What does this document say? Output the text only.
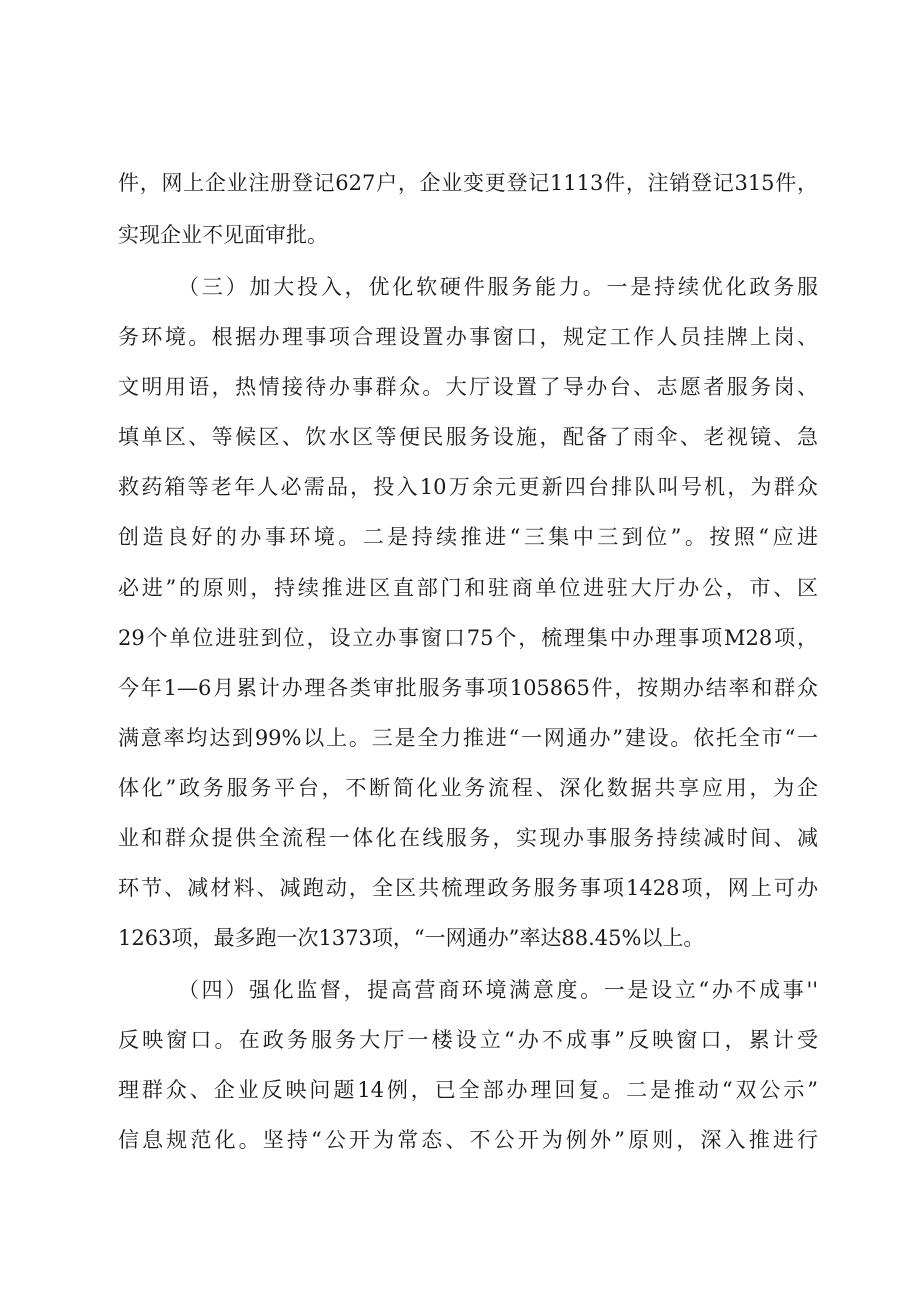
件，网上企业注册登记627户，企业变更登记1113件，注销登记315件，
实现企业不见面审批。
（三）加大投入，优化软硬件服务能力。一是持续优化政务服
务环境。根据办理事项合理设置办事窗口，规定工作人员挂牌上岗、
文明用语，热情接待办事群众。大厅设置了导办台、志愿者服务岗、
填单区、等候区、饮水区等便民服务设施，配备了雨伞、老视镜、急
救药箱等老年人必需品，投入10万余元更新四台排队叫号机，为群众
创造良好的办事环境。二是持续推进“三集中三到位”。按照“应进
必进”的原则，持续推进区直部门和驻商单位进驻大厅办公，市、区
29个单位进驻到位，设立办事窗口75个，梳理集中办理事项M28项，
今年1—6月累计办理各类审批服务事项105865件，按期办结率和群众
满意率均达到99%以上。三是全力推进“一网通办”建设。依托全市“一
体化”政务服务平台，不断简化业务流程、深化数据共享应用，为企
业和群众提供全流程一体化在线服务，实现办事服务持续减时间、减
环节、减材料、减跑动，全区共梳理政务服务事项1428项，网上可办
1263项，最多跑一次1373项，“一网通办”率达88.45%以上。
（四）强化监督，提高营商环境满意度。一是设立“办不成事''
反映窗口。在政务服务大厅一楼设立“办不成事”反映窗口，累计受
理群众、企业反映问题14例，已全部办理回复。二是推动“双公示”
信息规范化。坚持“公开为常态、不公开为例外”原则，深入推进行
